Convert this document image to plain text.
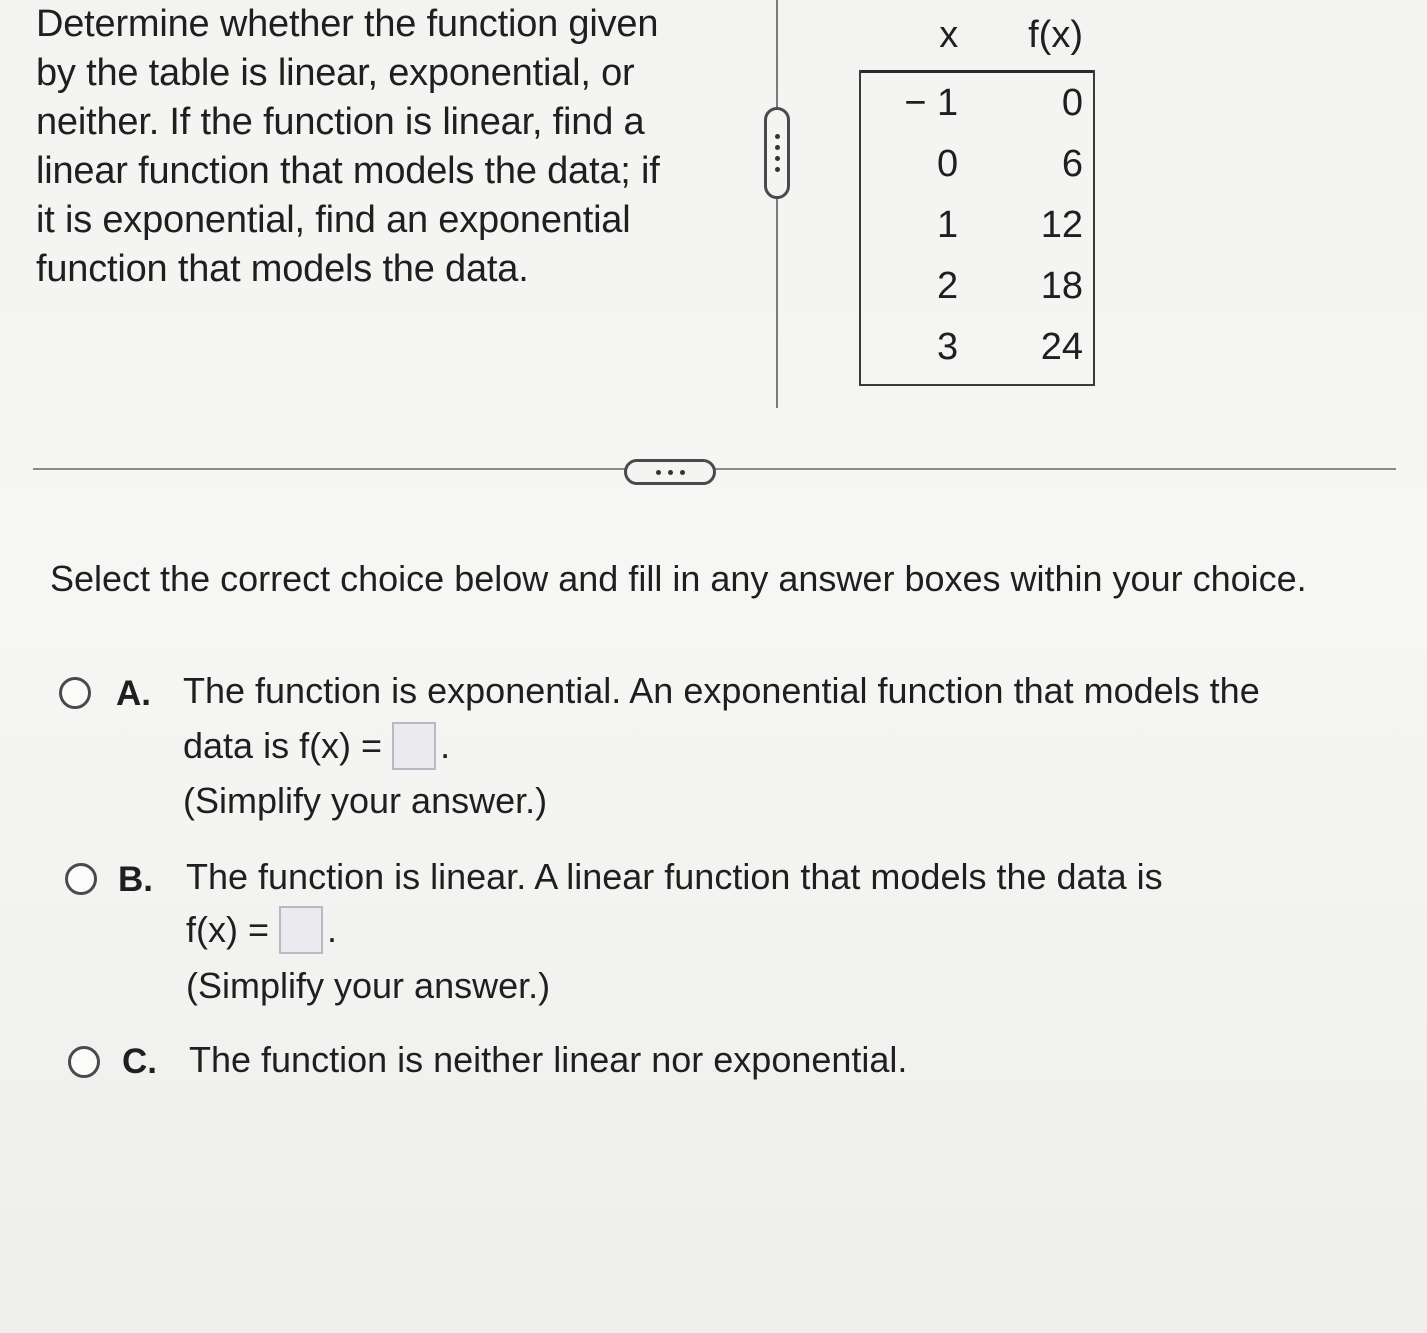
Determine whether the function given
by the table is linear, exponential, or
neither. If the function is linear, find a
linear function that models the data; if
it is exponential, find an exponential
function that models the data.
x	f(x)
− 1	0
0	6
1	12
2	18
3	24

Select the correct choice below and fill in any answer boxes within your choice.

A. The function is exponential. An exponential function that models the
data is f(x) = .
(Simplify your answer.)
B. The function is linear. A linear function that models the data is
f(x) = .
(Simplify your answer.)
C. The function is neither linear nor exponential.
